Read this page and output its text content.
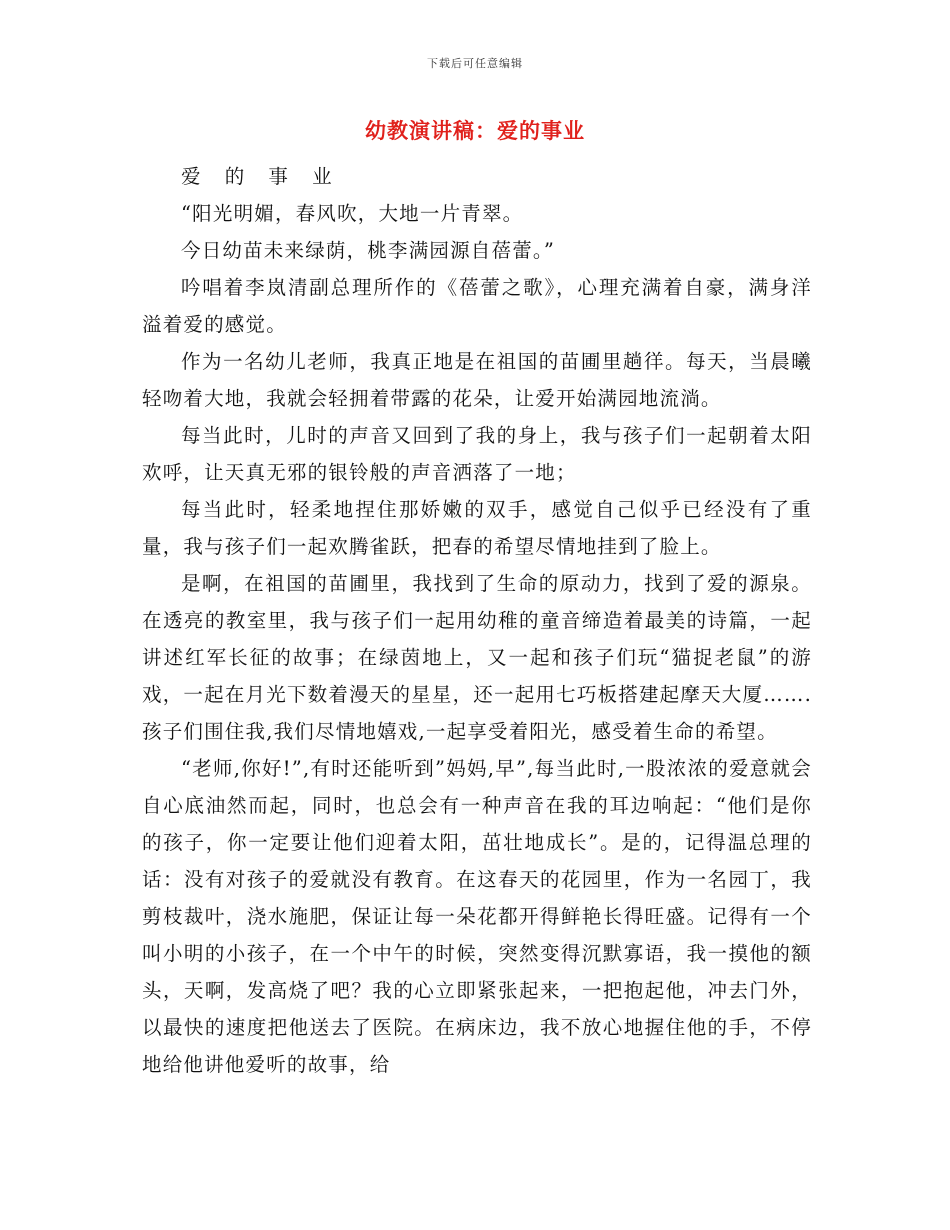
下载后可任意编辑
幼教演讲稿：爱的事业

爱 的 事 业

“阳光明媚，春风吹，大地一片青翠。

今日幼苗未来绿荫，桃李满园源自蓓蕾。”

吟唱着李岚清副总理所作的《蓓蕾之歌》，心理充满着自豪，满身洋溢着爱的感觉。

作为一名幼儿老师，我真正地是在祖国的苗圃里趟徉。每天，当晨曦轻吻着大地，我就会轻拥着带露的花朵，让爱开始满园地流淌。

每当此时，儿时的声音又回到了我的身上，我与孩子们一起朝着太阳欢呼，让天真无邪的银铃般的声音洒落了一地；

每当此时，轻柔地捏住那娇嫩的双手，感觉自己似乎已经没有了重量，我与孩子们一起欢腾雀跃，把春的希望尽情地挂到了脸上。

是啊，在祖国的苗圃里，我找到了生命的原动力，找到了爱的源泉。在透亮的教室里，我与孩子们一起用幼稚的童音缔造着最美的诗篇，一起讲述红军长征的故事；在绿茵地上，又一起和孩子们玩“猫捉老鼠”的游戏，一起在月光下数着漫天的星星，还一起用七巧板搭建起摩天大厦…….孩子们围住我,我们尽情地嬉戏,一起享受着阳光，感受着生命的希望。

“老师,你好!”,有时还能听到”妈妈,早”,每当此时,一股浓浓的爱意就会自心底油然而起，同时，也总会有一种声音在我的耳边响起：“他们是你的孩子，你一定要让他们迎着太阳，茁壮地成长”。是的，记得温总理的话：没有对孩子的爱就没有教育。在这春天的花园里，作为一名园丁，我剪枝裁叶，浇水施肥，保证让每一朵花都开得鲜艳长得旺盛。记得有一个叫小明的小孩子，在一个中午的时候，突然变得沉默寡语，我一摸他的额头，天啊，发高烧了吧？我的心立即紧张起来，一把抱起他，冲去门外，以最快的速度把他送去了医院。在病床边，我不放心地握住他的手，不停地给他讲他爱听的故事，给
